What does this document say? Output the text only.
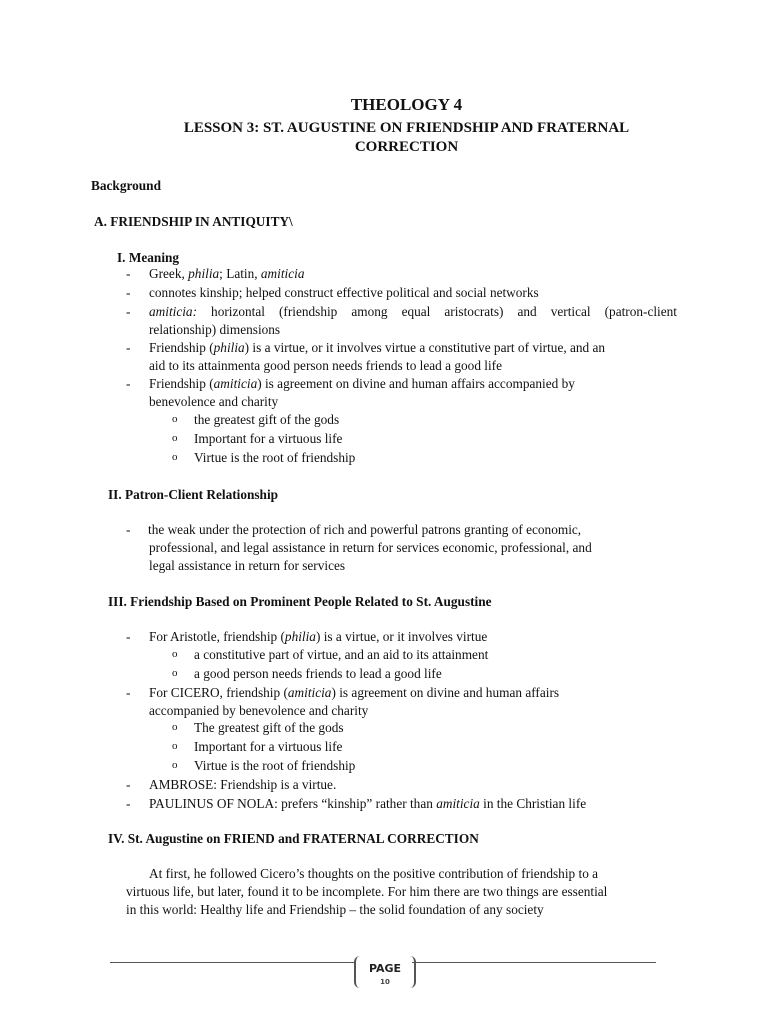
THEOLOGY 4
LESSON 3: ST. AUGUSTINE ON FRIENDSHIP AND FRATERNAL
CORRECTION
Background
A. FRIENDSHIP IN ANTIQUITY\
I. Meaning
- Greek, philia; Latin, amiticia
- connotes kinship; helped construct effective political and social networks
- amiticia: horizontal (friendship among equal aristocrats) and vertical (patron-client
relationship) dimensions
- Friendship (philia) is a virtue, or it involves virtue a constitutive part of virtue, and an
aid to its attainmenta good person needs friends to lead a good life
- Friendship (amiticia) is agreement on divine and human affairs accompanied by
benevolence and charity
o the greatest gift of the gods
o Important for a virtuous life
o Virtue is the root of friendship
II. Patron-Client Relationship
- the weak under the protection of rich and powerful patrons granting of economic,
professional, and legal assistance in return for services economic, professional, and
legal assistance in return for services
III. Friendship Based on Prominent People Related to St. Augustine
- For Aristotle, friendship (philia) is a virtue, or it involves virtue
o a constitutive part of virtue, and an aid to its attainment
o a good person needs friends to lead a good life
- For CICERO, friendship (amiticia) is agreement on divine and human affairs
accompanied by benevolence and charity
o The greatest gift of the gods
o Important for a virtuous life
o Virtue is the root of friendship
- AMBROSE: Friendship is a virtue.
- PAULINUS OF NOLA: prefers “kinship” rather than amiticia in the Christian life
IV. St. Augustine on FRIEND and FRATERNAL CORRECTION
At first, he followed Cicero’s thoughts on the positive contribution of friendship to a
virtuous life, but later, found it to be incomplete. For him there are two things are essential
in this world: Healthy life and Friendship – the solid foundation of any society
PAGE
10
